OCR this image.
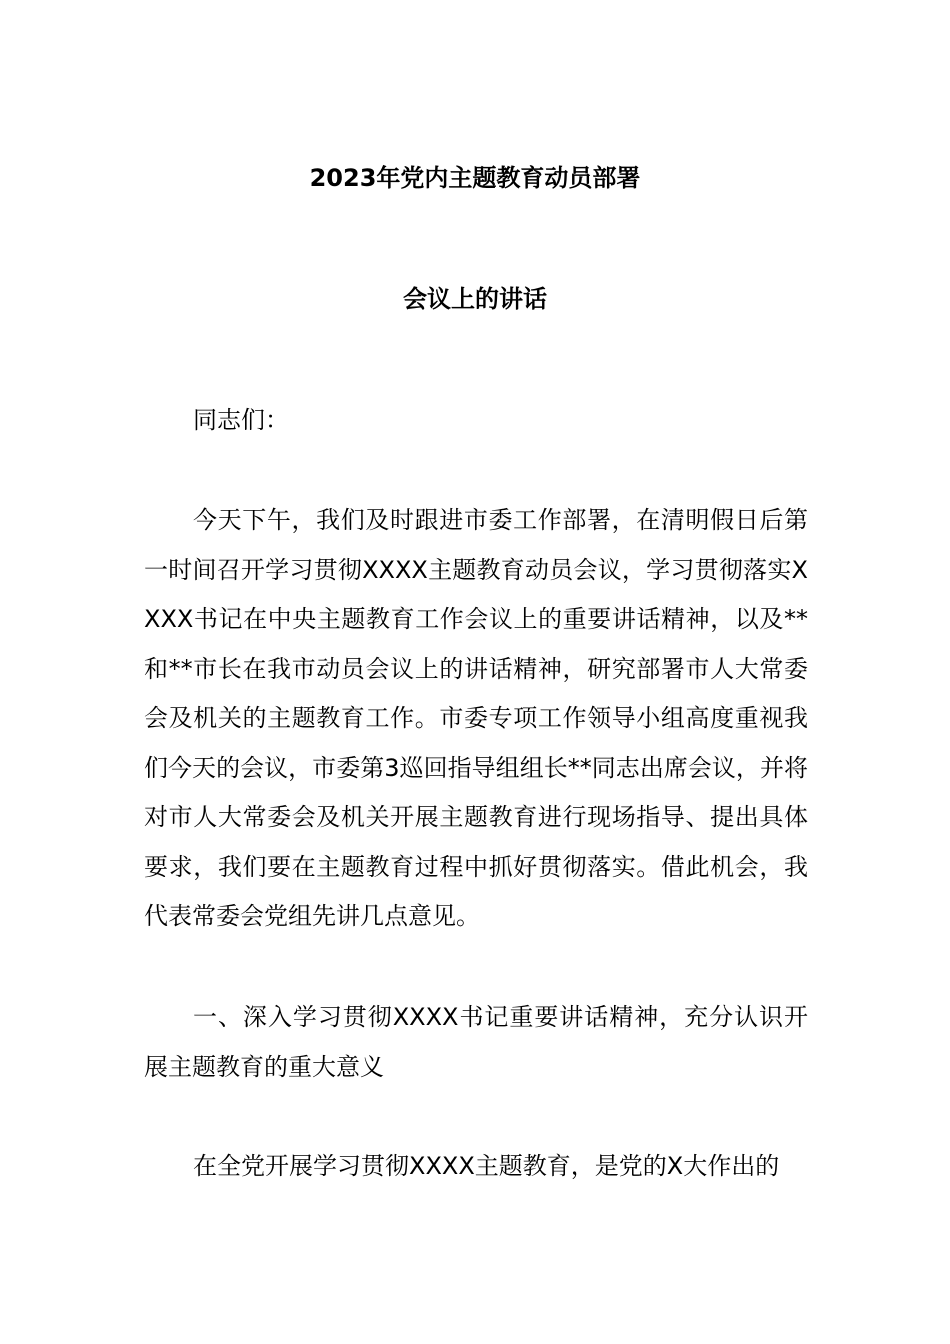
2023年党内主题教育动员部署
会议上的讲话

同志们：

今天下午，我们及时跟进市委工作部署，在清明假日后第一时间召开学习贯彻XXXX主题教育动员会议，学习贯彻落实XXXX书记在中央主题教育工作会议上的重要讲话精神，以及**和**市长在我市动员会议上的讲话精神，研究部署市人大常委会及机关的主题教育工作。市委专项工作领导小组高度重视我们今天的会议，市委第3巡回指导组组长**同志出席会议，并将对市人大常委会及机关开展主题教育进行现场指导、提出具体要求，我们要在主题教育过程中抓好贯彻落实。借此机会，我代表常委会党组先讲几点意见。

一、深入学习贯彻XXXX书记重要讲话精神，充分认识开展主题教育的重大意义

在全党开展学习贯彻XXXX主题教育，是党的X大作出的
